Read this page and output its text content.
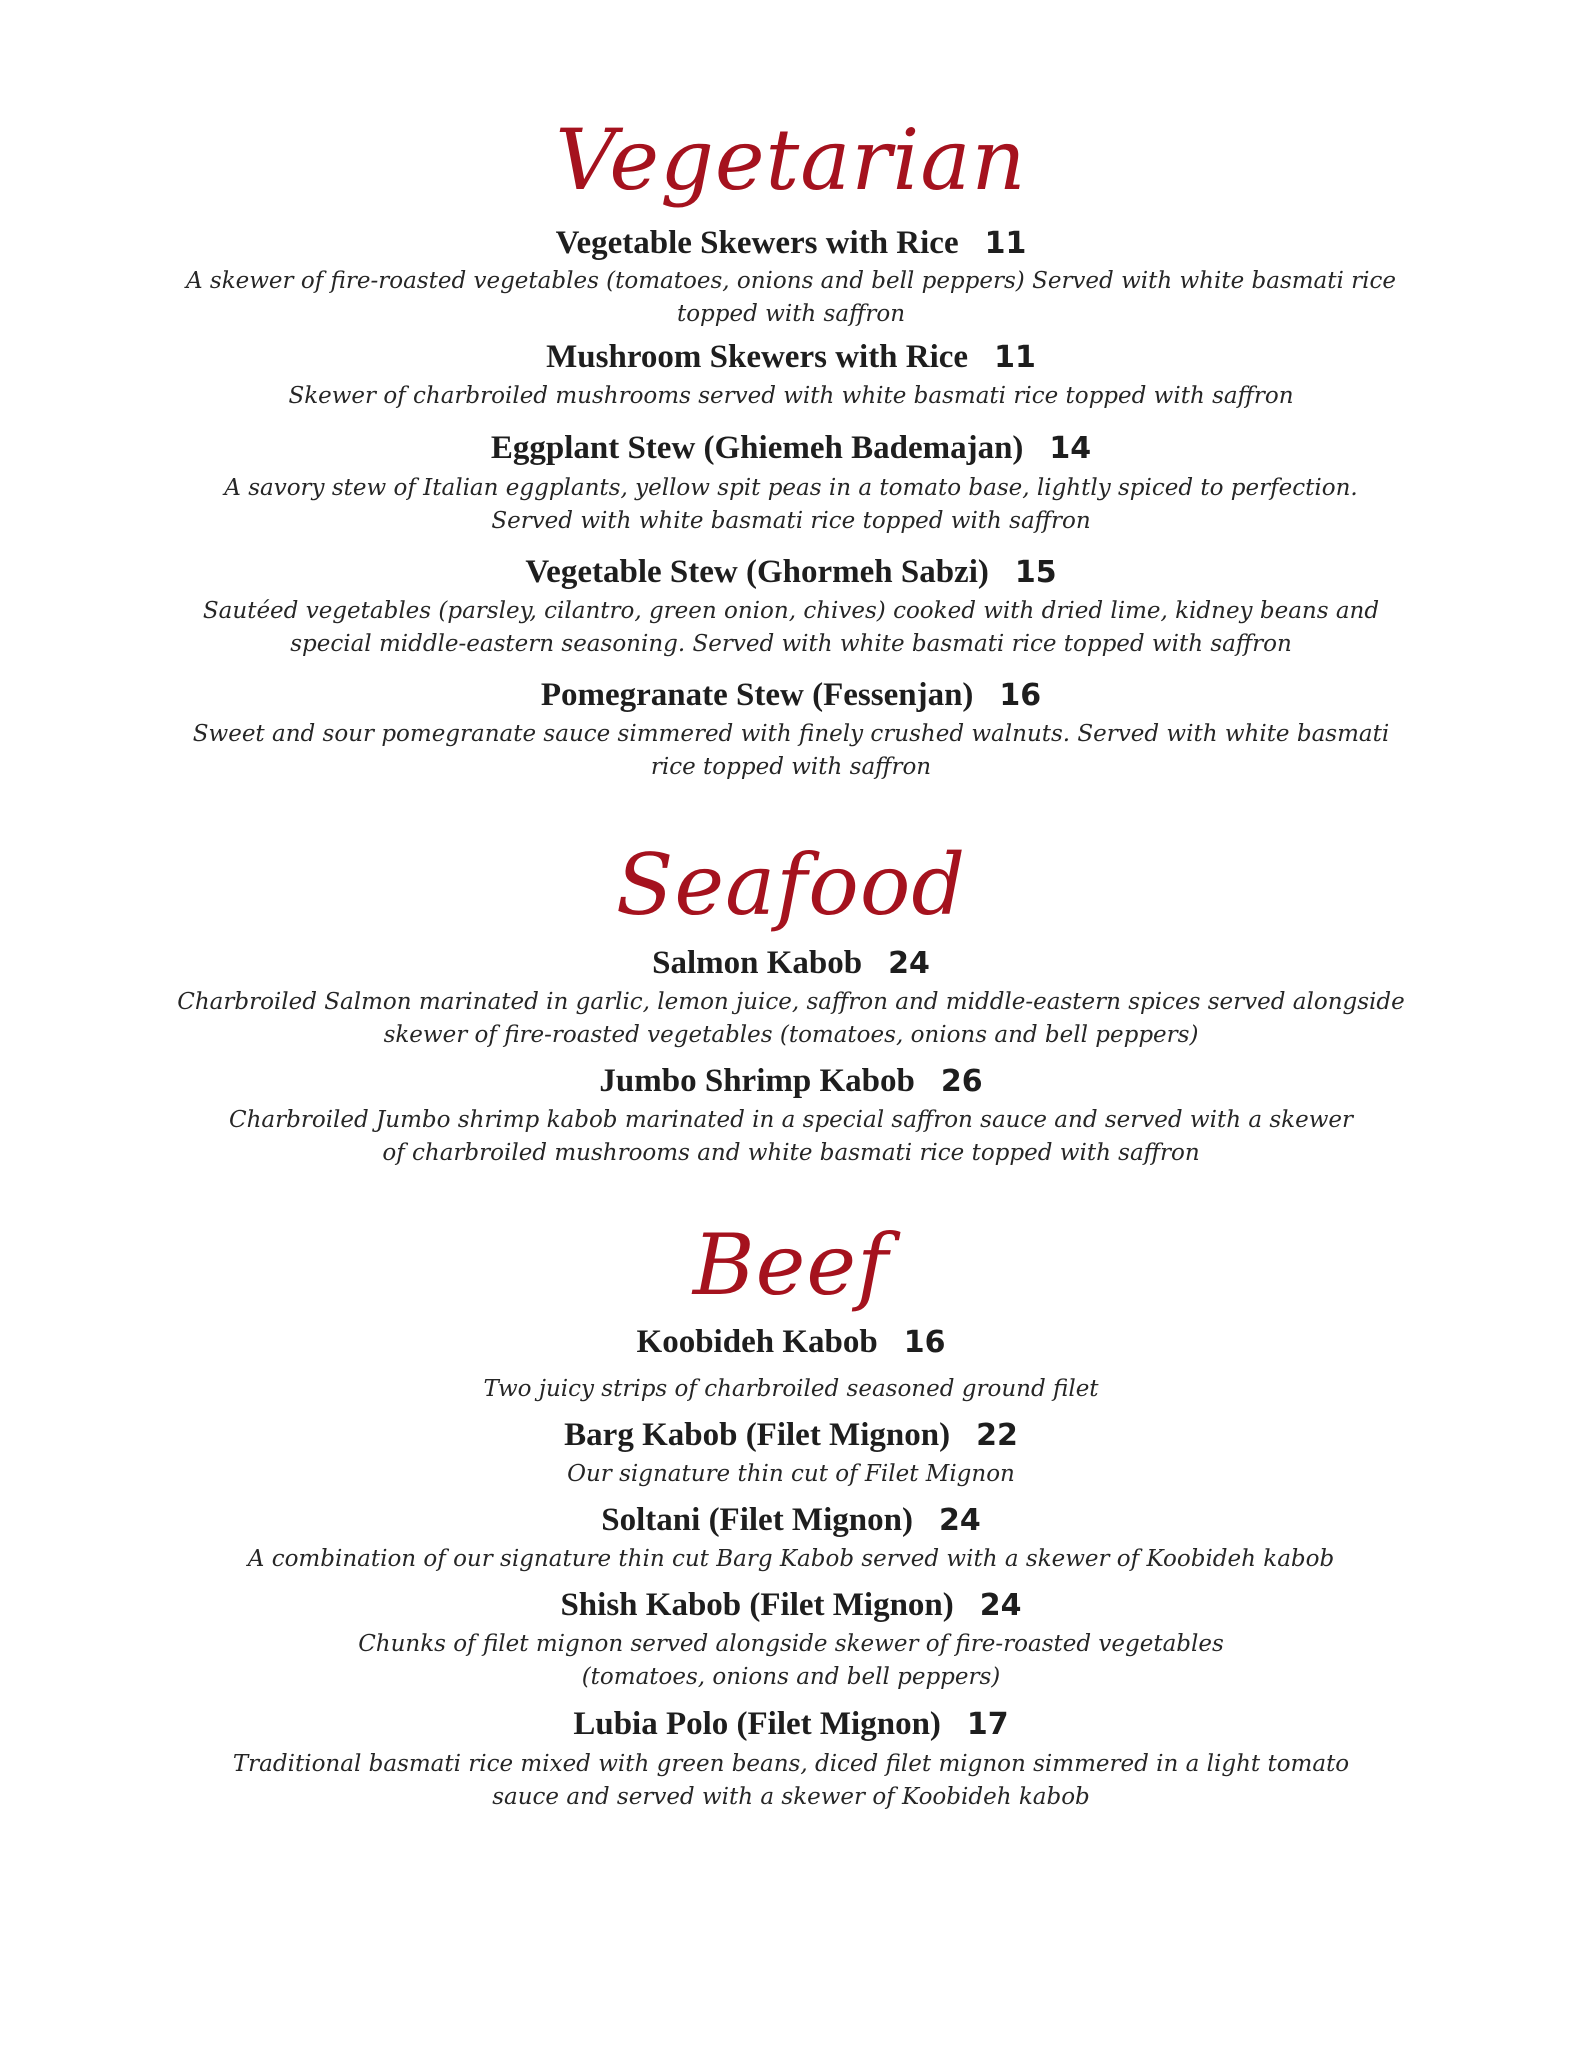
Vegetarian
Vegetable Skewers with Rice 11
A skewer of fire-roasted vegetables (tomatoes, onions and bell peppers) Served with white basmati rice
topped with saffron
Mushroom Skewers with Rice 11
Skewer of charbroiled mushrooms served with white basmati rice topped with saffron
Eggplant Stew (Ghiemeh Bademajan) 14
A savory stew of Italian eggplants, yellow spit peas in a tomato base, lightly spiced to perfection.
Served with white basmati rice topped with saffron
Vegetable Stew (Ghormeh Sabzi) 15
Sautéed vegetables (parsley, cilantro, green onion, chives) cooked with dried lime, kidney beans and
special middle-eastern seasoning. Served with white basmati rice topped with saffron
Pomegranate Stew (Fessenjan) 16
Sweet and sour pomegranate sauce simmered with finely crushed walnuts. Served with white basmati
rice topped with saffron
Seafood
Salmon Kabob 24
Charbroiled Salmon marinated in garlic, lemon juice, saffron and middle-eastern spices served alongside
skewer of fire-roasted vegetables (tomatoes, onions and bell peppers)
Jumbo Shrimp Kabob 26
Charbroiled Jumbo shrimp kabob marinated in a special saffron sauce and served with a skewer
of charbroiled mushrooms and white basmati rice topped with saffron
Beef
Koobideh Kabob 16
Two juicy strips of charbroiled seasoned ground filet
Barg Kabob (Filet Mignon) 22
Our signature thin cut of Filet Mignon
Soltani (Filet Mignon) 24
A combination of our signature thin cut Barg Kabob served with a skewer of Koobideh kabob
Shish Kabob (Filet Mignon) 24
Chunks of filet mignon served alongside skewer of fire-roasted vegetables
(tomatoes, onions and bell peppers)
Lubia Polo (Filet Mignon) 17
Traditional basmati rice mixed with green beans, diced filet mignon simmered in a light tomato
sauce and served with a skewer of Koobideh kabob
